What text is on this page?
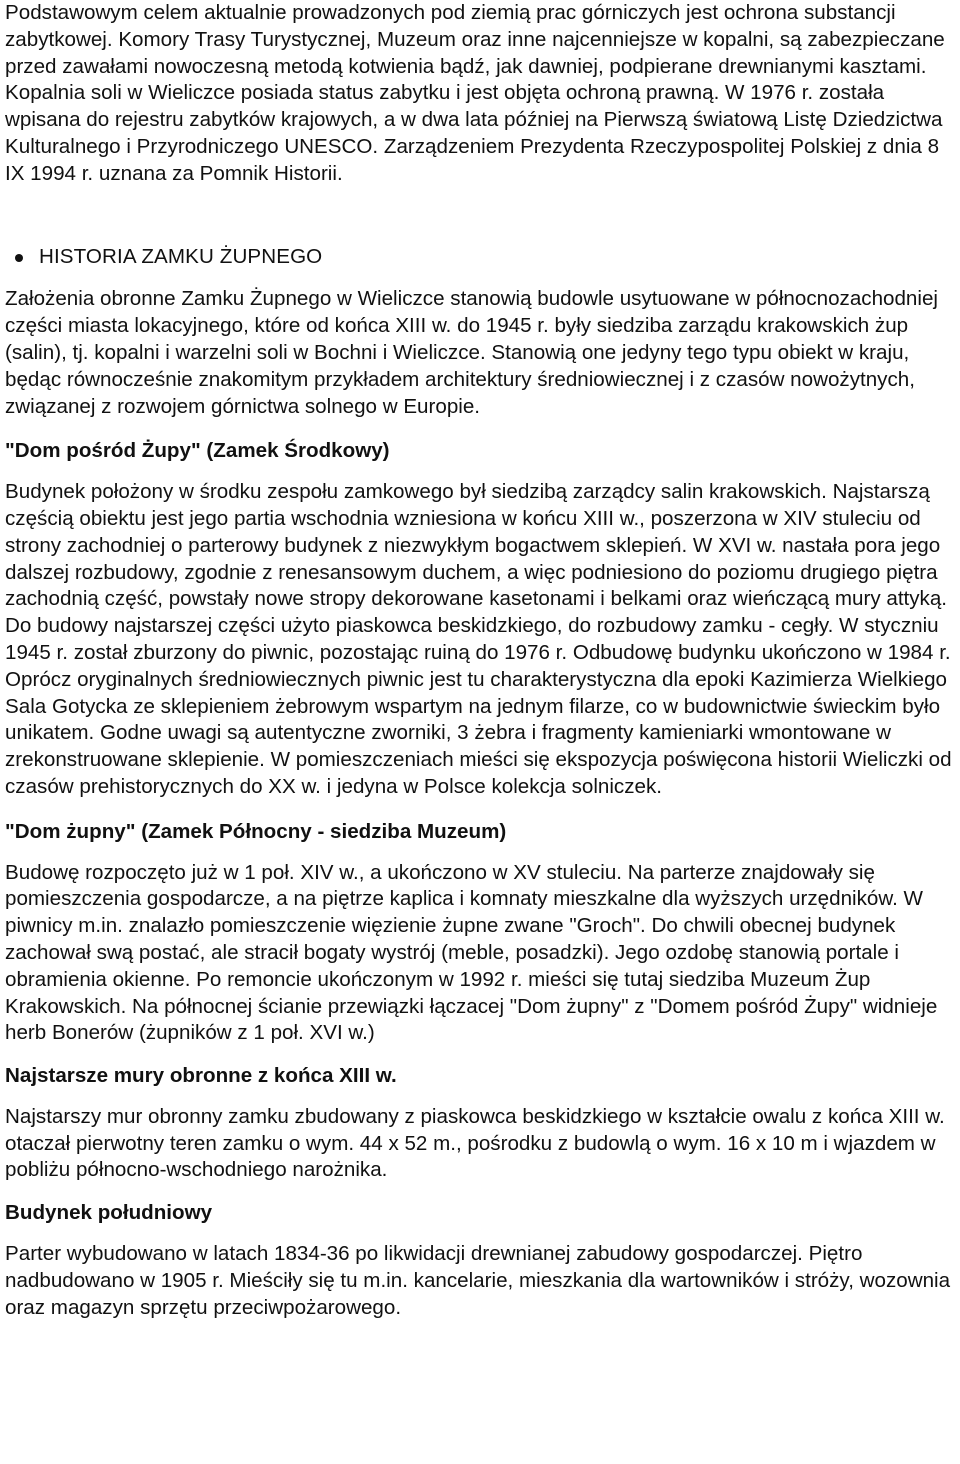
Podstawowym celem aktualnie prowadzonych pod ziemią prac górniczych jest ochrona substancji zabytkowej. Komory Trasy Turystycznej, Muzeum oraz inne najcenniejsze w kopalni, są zabezpieczane przed zawałami nowoczesną metodą kotwienia bądź, jak dawniej, podpierane drewnianymi kasztami. Kopalnia soli w Wieliczce posiada status zabytku i jest objęta ochroną prawną. W 1976 r. została wpisana do rejestru zabytków krajowych, a w dwa lata później na Pierwszą światową Listę Dziedzictwa Kulturalnego i Przyrodniczego UNESCO. Zarządzeniem Prezydenta Rzeczypospolitej Polskiej z dnia 8 IX 1994 r. uznana za Pomnik Historii.

HISTORIA ZAMKU ŻUPNEGO

Założenia obronne Zamku Żupnego w Wieliczce stanowią budowle usytuowane w północnozachodniej części miasta lokacyjnego, które od końca XIII w. do 1945 r. były siedziba zarządu krakowskich żup (salin), tj. kopalni i warzelni soli w Bochni i Wieliczce. Stanowią one jedyny tego typu obiekt w kraju, będąc równocześnie znakomitym przykładem architektury średniowiecznej i z czasów nowożytnych, związanej z rozwojem górnictwa solnego w Europie.

"Dom pośród Żupy" (Zamek Środkowy)

Budynek położony w środku zespołu zamkowego był siedzibą zarządcy salin krakowskich. Najstarszą częścią obiektu jest jego partia wschodnia wzniesiona w końcu XIII w., poszerzona w XIV stuleciu od strony zachodniej o parterowy budynek z niezwykłym bogactwem sklepień. W XVI w. nastała pora jego dalszej rozbudowy, zgodnie z renesansowym duchem, a więc podniesiono do poziomu drugiego piętra zachodnią część, powstały nowe stropy dekorowane kasetonami i belkami oraz wieńczącą mury attyką. Do budowy najstarszej części użyto piaskowca beskidzkiego, do rozbudowy zamku - cegły. W styczniu 1945 r. został zburzony do piwnic, pozostając ruiną do 1976 r. Odbudowę budynku ukończono w 1984 r. Oprócz oryginalnych średniowiecznych piwnic jest tu charakterystyczna dla epoki Kazimierza Wielkiego Sala Gotycka ze sklepieniem żebrowym wspartym na jednym filarze, co w budownictwie świeckim było unikatem. Godne uwagi są autentyczne zworniki, 3 żebra i fragmenty kamieniarki wmontowane w zrekonstruowane sklepienie. W pomieszczeniach mieści się ekspozycja poświęcona historii Wieliczki od czasów prehistorycznych do XX w. i jedyna w Polsce kolekcja solniczek.

"Dom żupny" (Zamek Północny - siedziba Muzeum)

Budowę rozpoczęto już w 1 poł. XIV w., a ukończono w XV stuleciu. Na parterze znajdowały się pomieszczenia gospodarcze, a na piętrze kaplica i komnaty mieszkalne dla wyższych urzędników. W piwnicy m.in. znalazło pomieszczenie więzienie żupne zwane "Groch". Do chwili obecnej budynek zachował swą postać, ale stracił bogaty wystrój (meble, posadzki). Jego ozdobę stanowią portale i obramienia okienne. Po remoncie ukończonym w 1992 r. mieści się tutaj siedziba Muzeum Żup Krakowskich. Na północnej ścianie przewiązki łączacej "Dom żupny" z "Domem pośród Żupy" widnieje herb Bonerów (żupników z 1 poł. XVI w.)

Najstarsze mury obronne z końca XIII w.

Najstarszy mur obronny zamku zbudowany z piaskowca beskidzkiego w kształcie owalu z końca XIII w. otaczał pierwotny teren zamku o wym. 44 x 52 m., pośrodku z budowlą o wym. 16 x 10 m i wjazdem w pobliżu północno-wschodniego narożnika.

Budynek południowy

Parter wybudowano w latach 1834-36 po likwidacji drewnianej zabudowy gospodarczej. Piętro nadbudowano w 1905 r. Mieściły się tu m.in. kancelarie, mieszkania dla wartowników i stróży, wozownia oraz magazyn sprzętu przeciwpożarowego.
